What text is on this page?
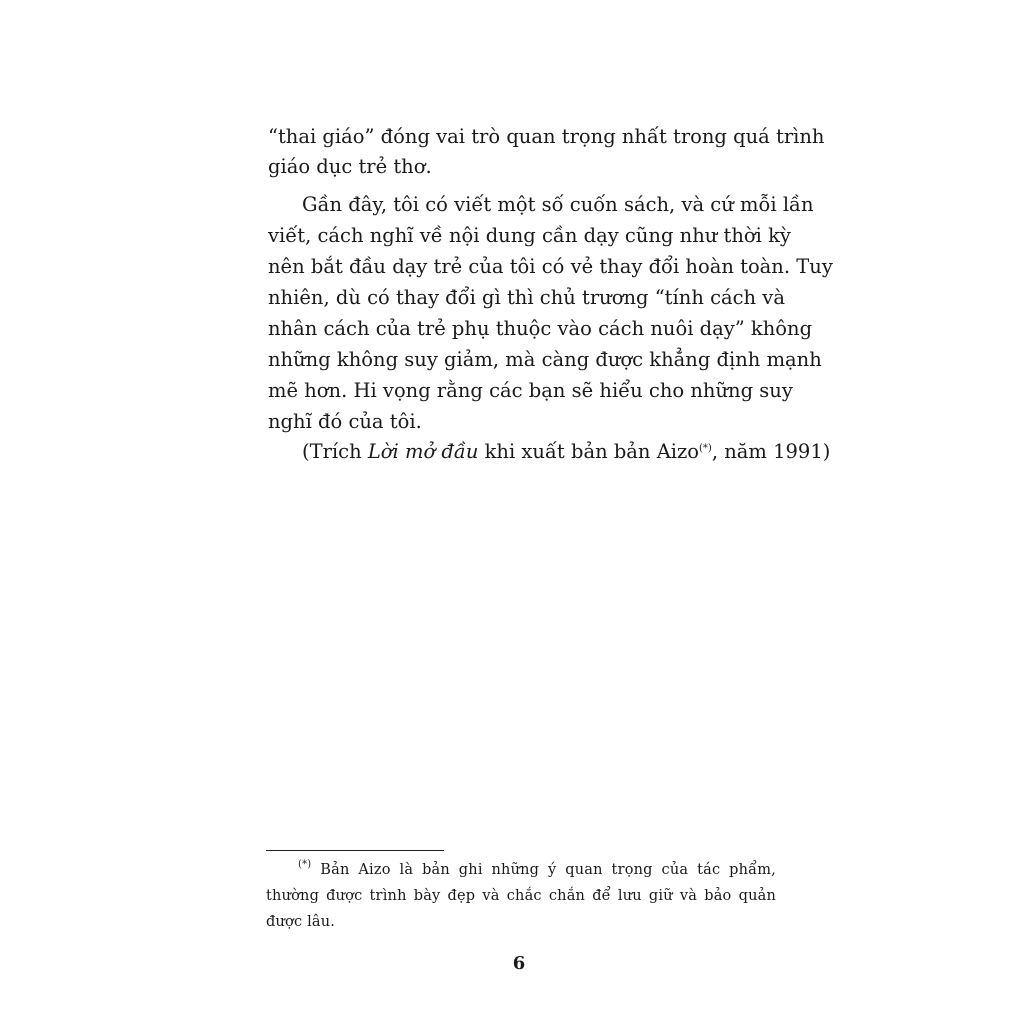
“thai giáo” đóng vai trò quan trọng nhất trong quá trình
giáo dục trẻ thơ.
Gần đây, tôi có viết một số cuốn sách, và cứ mỗi lần
viết, cách nghĩ về nội dung cần dạy cũng như thời kỳ
nên bắt đầu dạy trẻ của tôi có vẻ thay đổi hoàn toàn. Tuy
nhiên, dù có thay đổi gì thì chủ trương “tính cách và
nhân cách của trẻ phụ thuộc vào cách nuôi dạy” không
những không suy giảm, mà càng được khẳng định mạnh
mẽ hơn. Hi vọng rằng các bạn sẽ hiểu cho những suy
nghĩ đó của tôi.
(Trích Lời mở đầu khi xuất bản bản Aizo(*), năm 1991)
(*) Bản Aizo là bản ghi những ý quan trọng của tác phẩm,
thường được trình bày đẹp và chắc chắn để lưu giữ và bảo quản
được lâu.
6
